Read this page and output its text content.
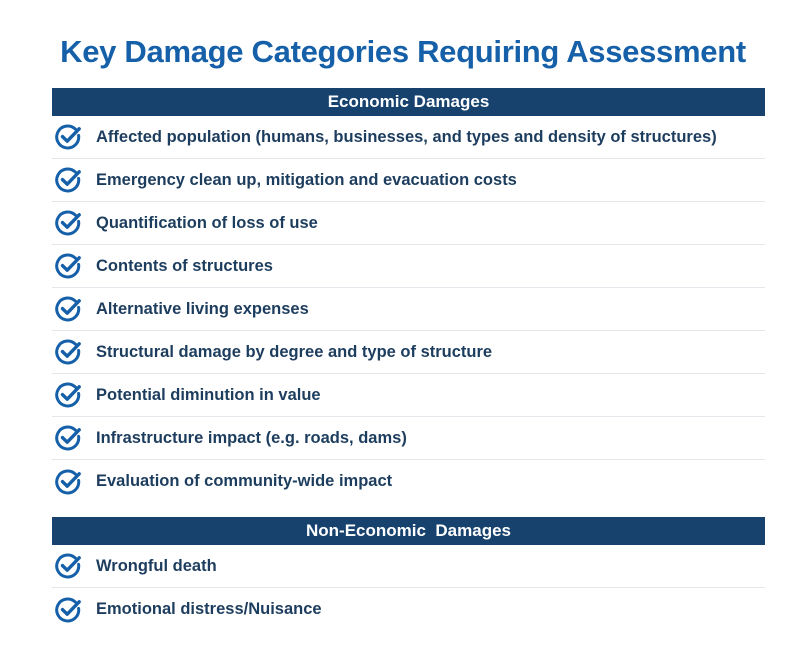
Key Damage Categories Requiring Assessment
Economic Damages
Affected population (humans, businesses, and types and density of structures)
Emergency clean up, mitigation and evacuation costs
Quantification of loss of use
Contents of structures
Alternative living expenses
Structural damage by degree and type of structure
Potential diminution in value
Infrastructure impact (e.g. roads, dams)
Evaluation of community-wide impact
Non-Economic  Damages
Wrongful death
Emotional distress/Nuisance
